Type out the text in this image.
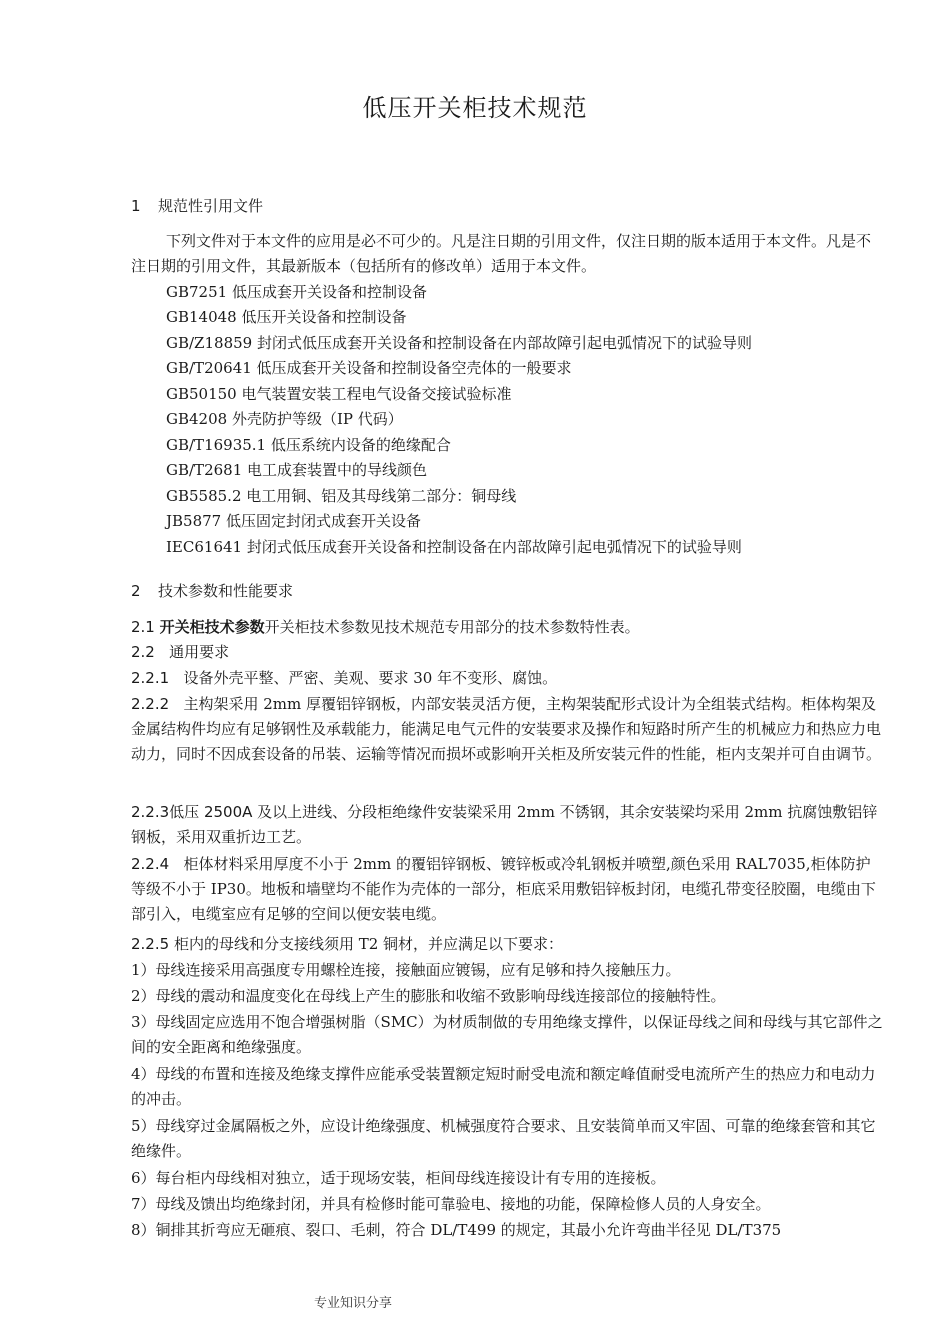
低压开关柜技术规范
1 规范性引用文件

下列文件对于本文件的应用是必不可少的。凡是注日期的引用文件，仅注日期的版本适用于本文件。凡是不注日期的引用文件，其最新版本（包括所有的修改单）适用于本文件。

GB7251 低压成套开关设备和控制设备
GB14048 低压开关设备和控制设备
GB/Z18859 封闭式低压成套开关设备和控制设备在内部故障引起电弧情况下的试验导则
GB/T20641 低压成套开关设备和控制设备空壳体的一般要求
GB50150 电气装置安装工程电气设备交接试验标准
GB4208 外壳防护等级（IP 代码）
GB/T16935.1 低压系统内设备的绝缘配合
GB/T2681 电工成套装置中的导线颜色
GB5585.2 电工用铜、铝及其母线第二部分：铜母线
JB5877 低压固定封闭式成套开关设备
IEC61641 封闭式低压成套开关设备和控制设备在内部故障引起电弧情况下的试验导则
2 技术参数和性能要求

2.1 开关柜技术参数开关柜技术参数见技术规范专用部分的技术参数特性表。

2.2 通用要求

2.2.1 设备外壳平整、严密、美观、要求 30 年不变形、腐蚀。

2.2.2 主构架采用 2mm 厚覆铝锌钢板，内部安装灵活方便，主构架装配形式设计为全组装式结构。柜体构架及金属结构件均应有足够钢性及承载能力，能满足电气元件的安装要求及操作和短路时所产生的机械应力和热应力电动力，同时不因成套设备的吊装、运输等情况而损坏或影响开关柜及所安装元件的性能，柜内支架并可自由调节。

2.2.3低压 2500A 及以上进线、分段柜绝缘件安装梁采用 2mm 不锈钢，其余安装梁均采用 2mm 抗腐蚀敷铝锌钢板，采用双重折边工艺。

2.2.4 柜体材料采用厚度不小于 2mm 的覆铝锌钢板、镀锌板或冷轧钢板并喷塑,颜色采用 RAL7035,柜体防护等级不小于 IP30。地板和墙壁均不能作为壳体的一部分，柜底采用敷铝锌板封闭，电缆孔带变径胶圈，电缆由下部引入，电缆室应有足够的空间以便安装电缆。

2.2.5 柜内的母线和分支接线须用 T2 铜材，并应满足以下要求：

1）母线连接采用高强度专用螺栓连接，接触面应镀锡，应有足够和持久接触压力。

2）母线的震动和温度变化在母线上产生的膨胀和收缩不致影响母线连接部位的接触特性。

3）母线固定应选用不饱合增强树脂（SMC）为材质制做的专用绝缘支撑件，以保证母线之间和母线与其它部件之间的安全距离和绝缘强度。

4）母线的布置和连接及绝缘支撑件应能承受装置额定短时耐受电流和额定峰值耐受电流所产生的热应力和电动力的冲击。

5）母线穿过金属隔板之外，应设计绝缘强度、机械强度符合要求、且安装简单而又牢固、可靠的绝缘套管和其它绝缘件。

6）每台柜内母线相对独立，适于现场安装，柜间母线连接设计有专用的连接板。

7）母线及馈出均绝缘封闭，并具有检修时能可靠验电、接地的功能，保障检修人员的人身安全。

8）铜排其折弯应无砸痕、裂口、毛刺，符合 DL/T499 的规定，其最小允许弯曲半径见 DL/T375

专业知识分享
